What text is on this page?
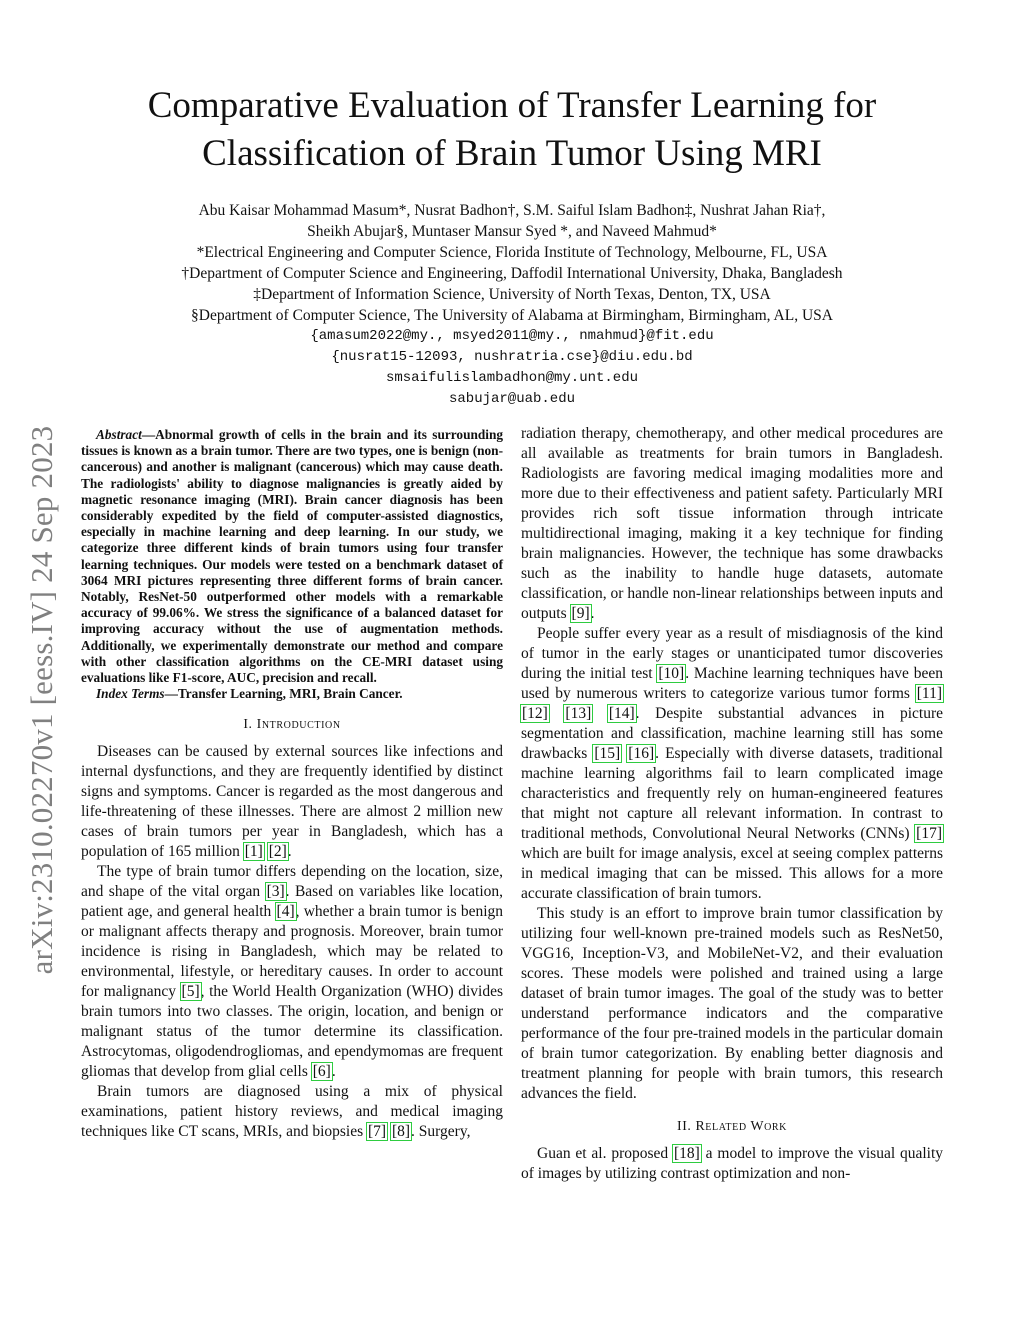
arXiv:2310.02270v1 [eess.IV] 24 Sep 2023
Comparative Evaluation of Transfer Learning for
Classification of Brain Tumor Using MRI
Abu Kaisar Mohammad Masum*, Nusrat Badhon†, S.M. Saiful Islam Badhon‡, Nushrat Jahan Ria†,
Sheikh Abujar§, Muntaser Mansur Syed *, and Naveed Mahmud*
*Electrical Engineering and Computer Science, Florida Institute of Technology, Melbourne, FL, USA
†Department of Computer Science and Engineering, Daffodil International University, Dhaka, Bangladesh
‡Department of Information Science, University of North Texas, Denton, TX, USA
§Department of Computer Science, The University of Alabama at Birmingham, Birmingham, AL, USA
{amasum2022@my., msyed2011@my., nmahmud}@fit.edu
{nusrat15-12093, nushratria.cse}@diu.edu.bd
smsaifulislambadhon@my.unt.edu
sabujar@uab.edu

Abstract—Abnormal growth of cells in the brain and its surrounding tissues is known as a brain tumor. There are two types, one is benign (non-cancerous) and another is malignant (cancerous) which may cause death. The radiologists' ability to diagnose malignancies is greatly aided by magnetic resonance imaging (MRI). Brain cancer diagnosis has been considerably expedited by the field of computer-assisted diagnostics, especially in machine learning and deep learning. In our study, we categorize three different kinds of brain tumors using four transfer learning techniques. Our models were tested on a benchmark dataset of 3064 MRI pictures representing three different forms of brain cancer. Notably, ResNet-50 outperformed other models with a remarkable accuracy of 99.06%. We stress the significance of a balanced dataset for improving accuracy without the use of augmentation methods. Additionally, we experimentally demonstrate our method and compare with other classification algorithms on the CE-MRI dataset using evaluations like F1-score, AUC, precision and recall.

Index Terms—Transfer Learning, MRI, Brain Cancer.

I. Introduction

Diseases can be caused by external sources like infections and internal dysfunctions, and they are frequently identified by distinct signs and symptoms. Cancer is regarded as the most dangerous and life-threatening of these illnesses. There are almost 2 million new cases of brain tumors per year in Bangladesh, which has a population of 165 million [1] [2].

The type of brain tumor differs depending on the location, size, and shape of the vital organ [3]. Based on variables like location, patient age, and general health [4], whether a brain tumor is benign or malignant affects therapy and prognosis. Moreover, brain tumor incidence is rising in Bangladesh, which may be related to environmental, lifestyle, or hereditary causes. In order to account for malignancy [5], the World Health Organization (WHO) divides brain tumors into two classes. The origin, location, and benign or malignant status of the tumor determine its classification. Astrocytomas, oligodendrogliomas, and ependymomas are frequent gliomas that develop from glial cells [6].

Brain tumors are diagnosed using a mix of physical examinations, patient history reviews, and medical imaging techniques like CT scans, MRIs, and biopsies [7] [8]. Surgery,

radiation therapy, chemotherapy, and other medical procedures are all available as treatments for brain tumors in Bangladesh. Radiologists are favoring medical imaging modalities more and more due to their effectiveness and patient safety. Particularly MRI provides rich soft tissue information through intricate multidirectional imaging, making it a key technique for finding brain malignancies. However, the technique has some drawbacks such as the inability to handle huge datasets, automate classification, or handle non-linear relationships between inputs and outputs [9].

People suffer every year as a result of misdiagnosis of the kind of tumor in the early stages or unanticipated tumor discoveries during the initial test [10]. Machine learning techniques have been used by numerous writers to categorize various tumor forms [11] [12] [13] [14]. Despite substantial advances in picture segmentation and classification, machine learning still has some drawbacks [15] [16]. Especially with diverse datasets, traditional machine learning algorithms fail to learn complicated image characteristics and frequently rely on human-engineered features that might not capture all relevant information. In contrast to traditional methods, Convolutional Neural Networks (CNNs) [17] which are built for image analysis, excel at seeing complex patterns in medical imaging that can be missed. This allows for a more accurate classification of brain tumors.

This study is an effort to improve brain tumor classification by utilizing four well-known pre-trained models such as ResNet50, VGG16, Inception-V3, and MobileNet-V2, and their evaluation scores. These models were polished and trained using a large dataset of brain tumor images. The goal of the study was to better understand performance indicators and the comparative performance of the four pre-trained models in the particular domain of brain tumor categorization. By enabling better diagnosis and treatment planning for people with brain tumors, this research advances the field.

II. Related Work

Guan et al. proposed [18] a model to improve the visual quality of images by utilizing contrast optimization and non-
